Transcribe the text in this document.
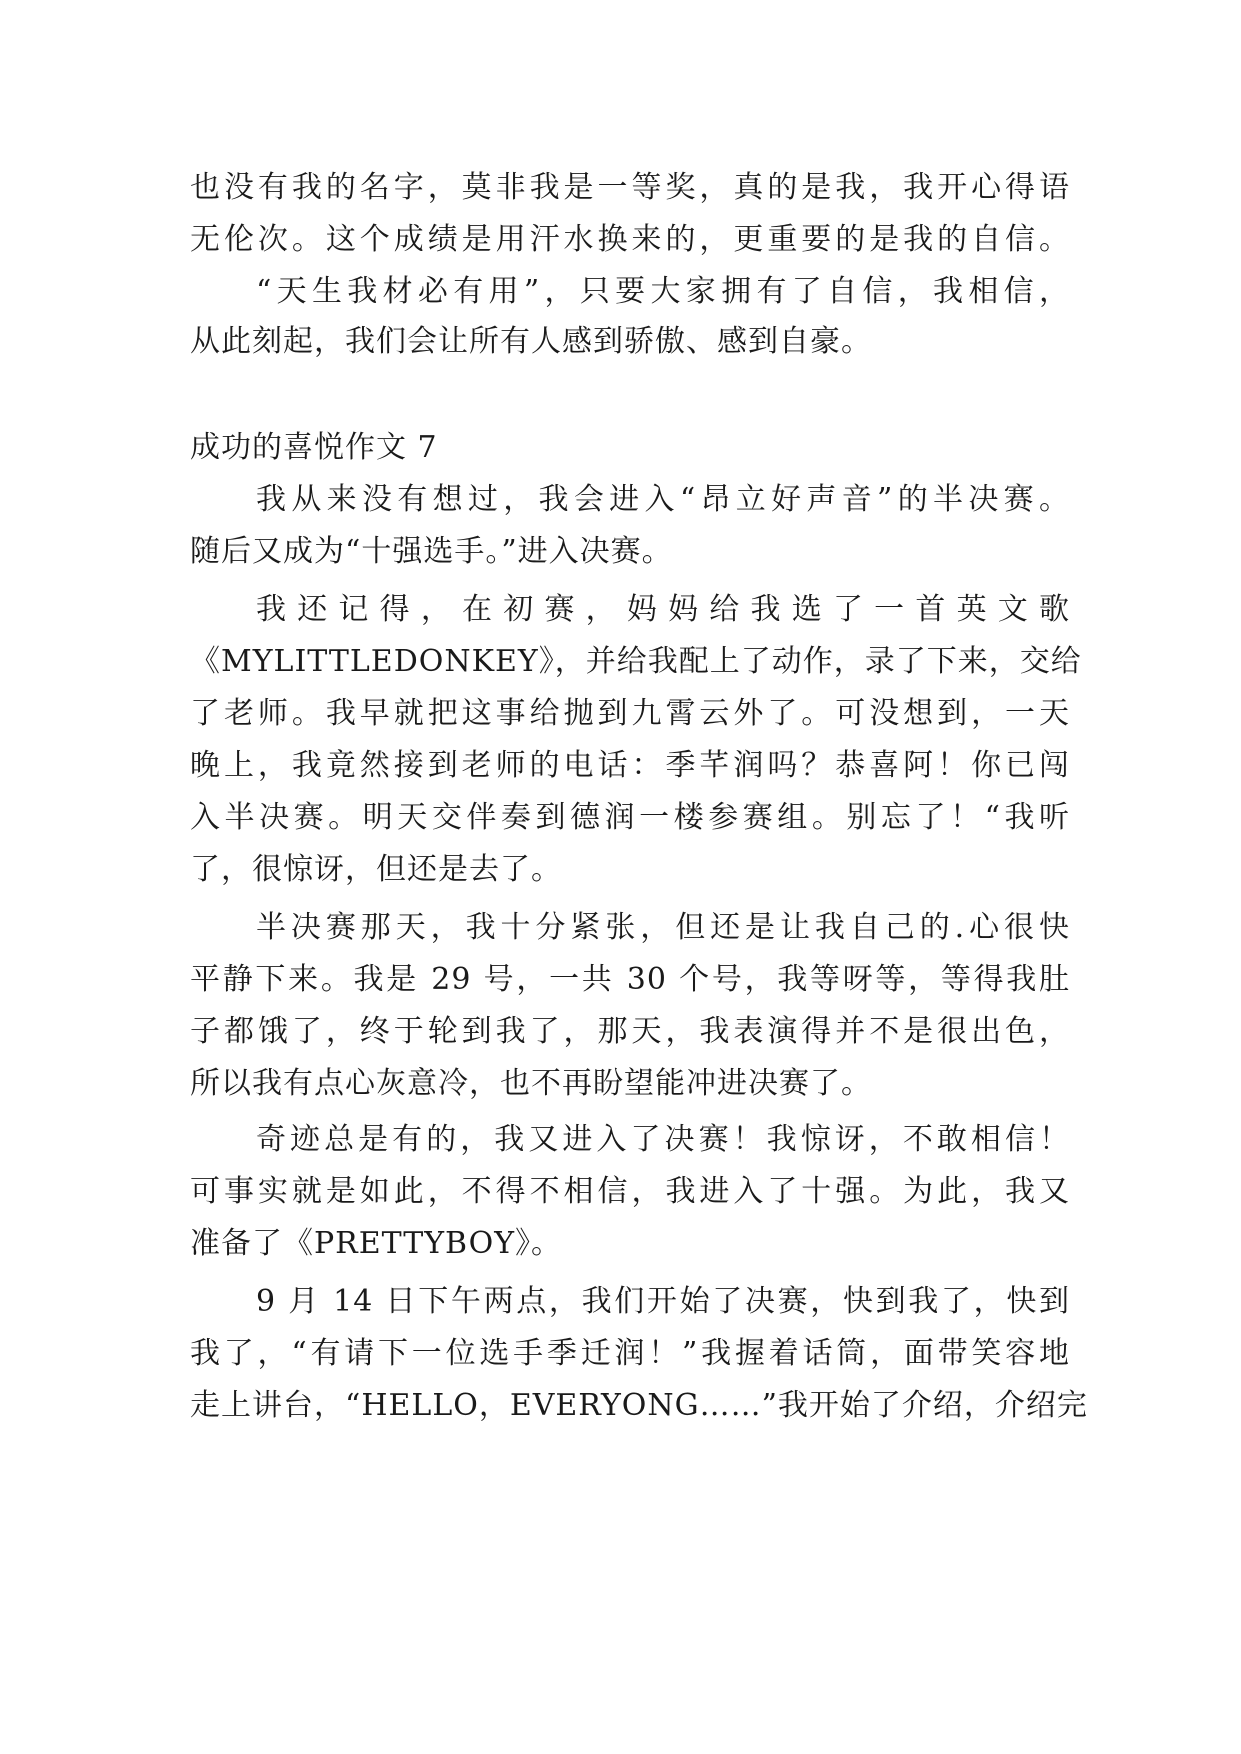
也没有我的名字，莫非我是一等奖，真的是我，我开心得语
无伦次。这个成绩是用汗水换来的，更重要的是我的自信。
“天生我材必有用”，只要大家拥有了自信，我相信，
从此刻起，我们会让所有人感到骄傲、感到自豪。
成功的喜悦作文 7
我从来没有想过，我会进入“昂立好声音”的半决赛。
随后又成为“十强选手。”进入决赛。
我还记得，在初赛，妈妈给我选了一首英文歌
《MYLITTLEDONKEY》，并给我配上了动作，录了下来，交给
了老师。我早就把这事给抛到九霄云外了。可没想到，一天
晚上，我竟然接到老师的电话：季芊润吗？恭喜阿！你已闯
入半决赛。明天交伴奏到德润一楼参赛组。别忘了！“我听
了，很惊讶，但还是去了。
半决赛那天，我十分紧张，但还是让我自己的.心很快
平静下来。我是 29 号，一共 30 个号，我等呀等，等得我肚
子都饿了，终于轮到我了，那天，我表演得并不是很出色，
所以我有点心灰意冷，也不再盼望能冲进决赛了。
奇迹总是有的，我又进入了决赛！我惊讶，不敢相信！
可事实就是如此，不得不相信，我进入了十强。为此，我又
准备了《PRETTYBOY》。
9 月 14 日下午两点，我们开始了决赛，快到我了，快到
我了，“有请下一位选手季迁润！”我握着话筒，面带笑容地
走上讲台，“HELLO，EVERYONG……”我开始了介绍，介绍完
